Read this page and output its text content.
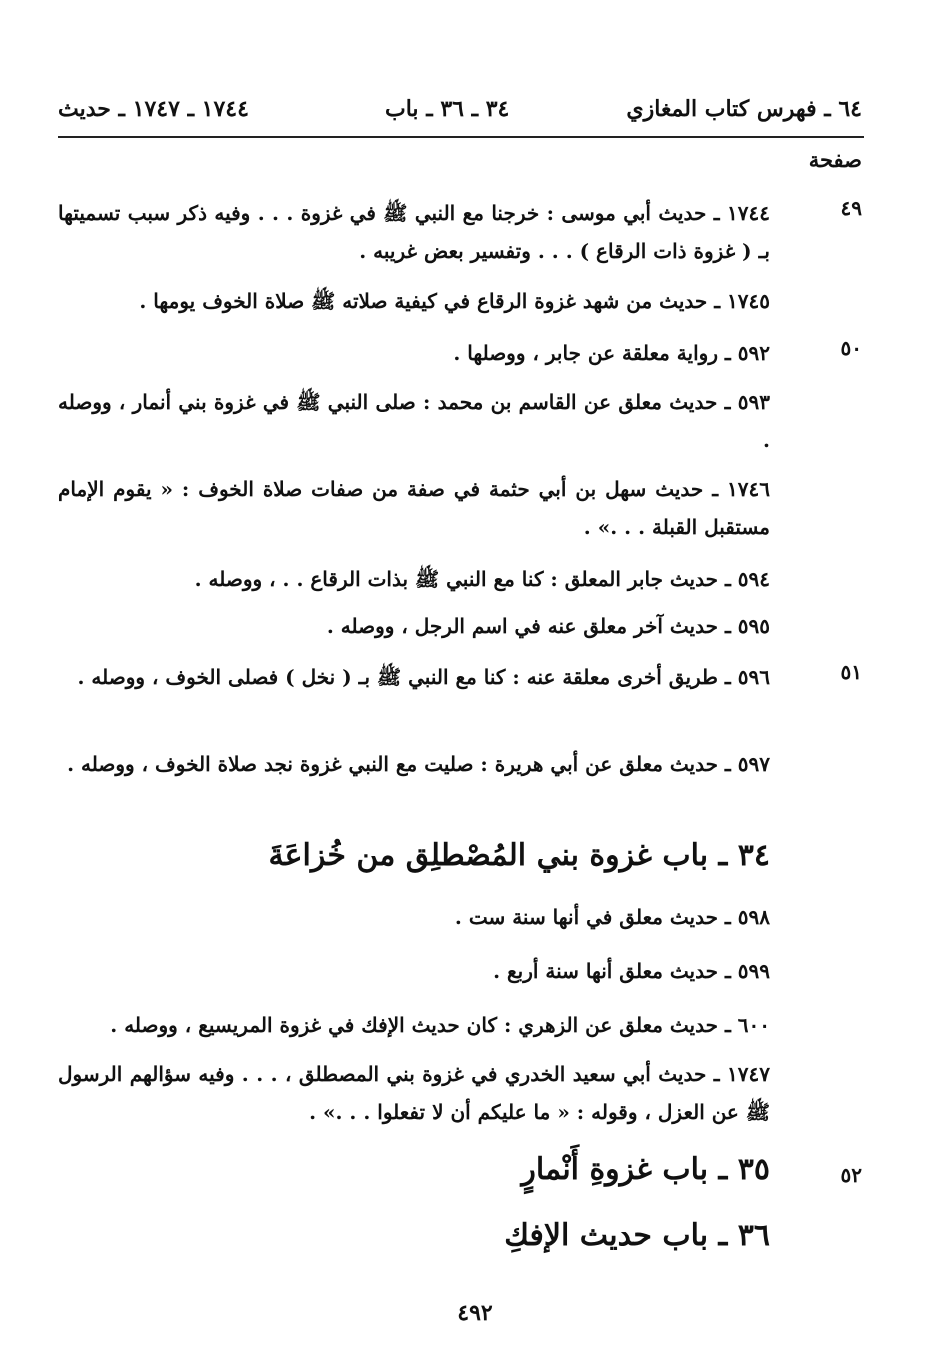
٦٤ ـ فهرس كتاب المغازي
٣٤ ـ ٣٦ ـ باب
١٧٤٤ ـ ١٧٤٧ ـ حديث
صفحة
٤٩
١٧٤٤ ـ حديث أبي موسى : خرجنا مع النبي ﷺ في غزوة . . . وفيه ذكر سبب تسميتها بـ ( غزوة ذات الرقاع ) . . . وتفسير بعض غريبه .
١٧٤٥ ـ حديث من شهد غزوة الرقاع في كيفية صلاته ﷺ صلاة الخوف يومها .
٥٠
٥٩٢ ـ رواية معلقة عن جابر ، ووصلها .
٥٩٣ ـ حديث معلق عن القاسم بن محمد : صلى النبي ﷺ في غزوة بني أنمار ، ووصله .
١٧٤٦ ـ حديث سهل بن أبي حثمة في صفة من صفات صلاة الخوف : « يقوم الإمام مستقبل القبلة . . .» .
٥٩٤ ـ حديث جابر المعلق : كنا مع النبي ﷺ بذات الرقاع . . ، ووصله .
٥٩٥ ـ حديث آخر معلق عنه في اسم الرجل ، ووصله .
٥١
٥٩٦ ـ طريق أخرى معلقة عنه : كنا مع النبي ﷺ بـ ( نخل ) فصلى الخوف ، ووصله .
٥٩٧ ـ حديث معلق عن أبي هريرة : صليت مع النبي غزوة نجد صلاة الخوف ، ووصله .
٣٤ ـ باب غزوة بني المُصْطلِق من خُزاعَةَ
٥٩٨ ـ حديث معلق في أنها سنة ست .
٥٩٩ ـ حديث معلق أنها سنة أربع .
٦٠٠ ـ حديث معلق عن الزهري : كان حديث الإفك في غزوة المريسيع ، ووصله .
١٧٤٧ ـ حديث أبي سعيد الخدري في غزوة بني المصطلق ، . . . وفيه سؤالهم الرسول ﷺ عن العزل ، وقوله : « ما عليكم أن لا تفعلوا . . .» .
٥٢
٣٥ ـ باب غزوةِ أَنْمارٍ
٣٦ ـ باب حديث الإفكِ
٤٩٢
